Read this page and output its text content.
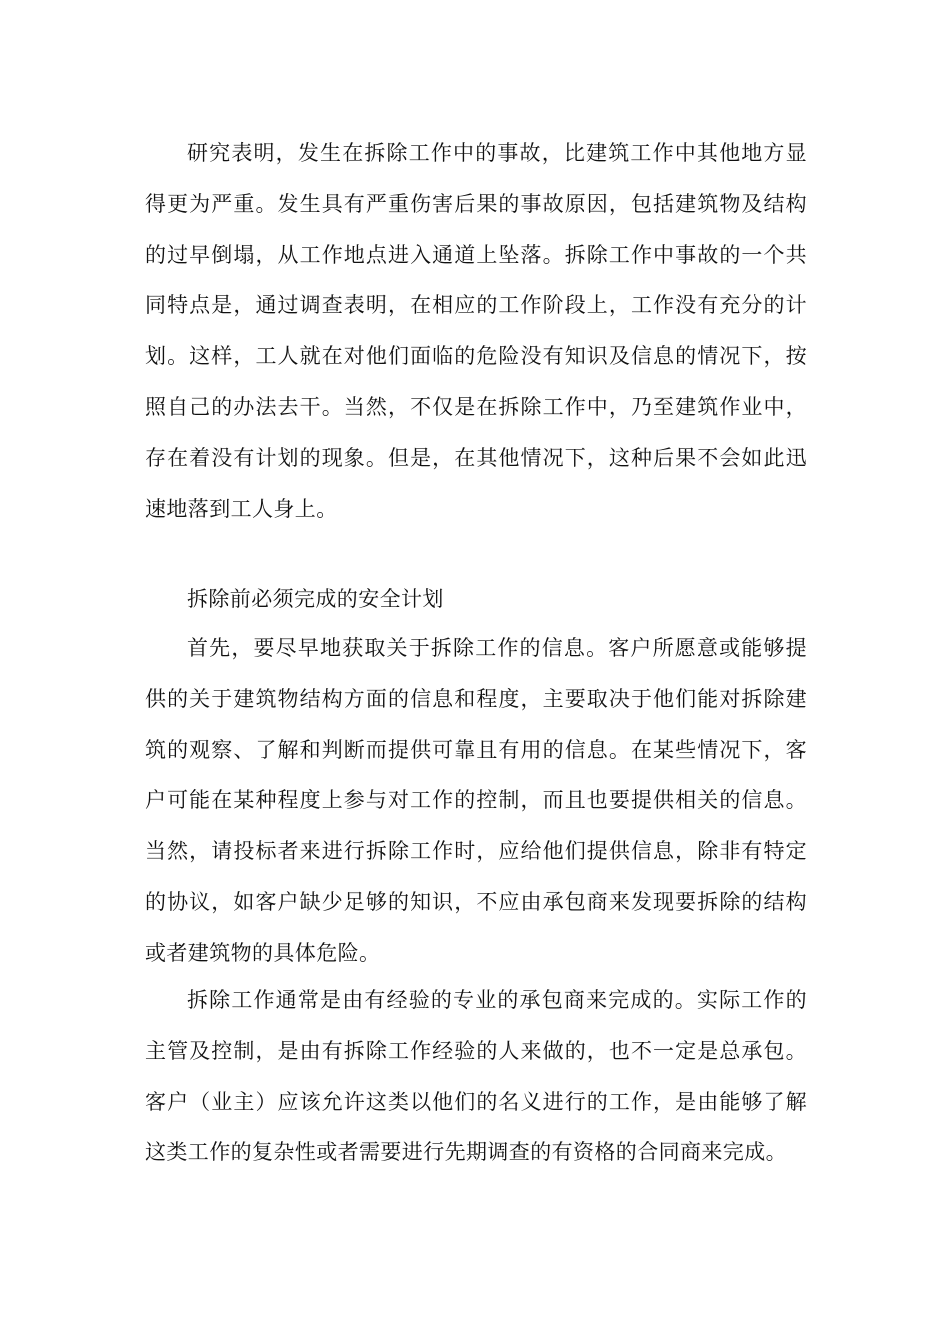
研究表明，发生在拆除工作中的事故，比建筑工作中其他地方显得更为严重。发生具有严重伤害后果的事故原因，包括建筑物及结构的过早倒塌，从工作地点进入通道上坠落。拆除工作中事故的一个共同特点是，通过调查表明，在相应的工作阶段上，工作没有充分的计划。这样，工人就在对他们面临的危险没有知识及信息的情况下，按照自己的办法去干。当然，不仅是在拆除工作中，乃至建筑作业中，存在着没有计划的现象。但是，在其他情况下，这种后果不会如此迅速地落到工人身上。

拆除前必须完成的安全计划

首先，要尽早地获取关于拆除工作的信息。客户所愿意或能够提供的关于建筑物结构方面的信息和程度，主要取决于他们能对拆除建筑的观察、了解和判断而提供可靠且有用的信息。在某些情况下，客户可能在某种程度上参与对工作的控制，而且也要提供相关的信息。当然，请投标者来进行拆除工作时，应给他们提供信息，除非有特定的协议，如客户缺少足够的知识，不应由承包商来发现要拆除的结构或者建筑物的具体危险。

拆除工作通常是由有经验的专业的承包商来完成的。实际工作的主管及控制，是由有拆除工作经验的人来做的，也不一定是总承包。客户（业主）应该允许这类以他们的名义进行的工作，是由能够了解这类工作的复杂性或者需要进行先期调查的有资格的合同商来完成。
